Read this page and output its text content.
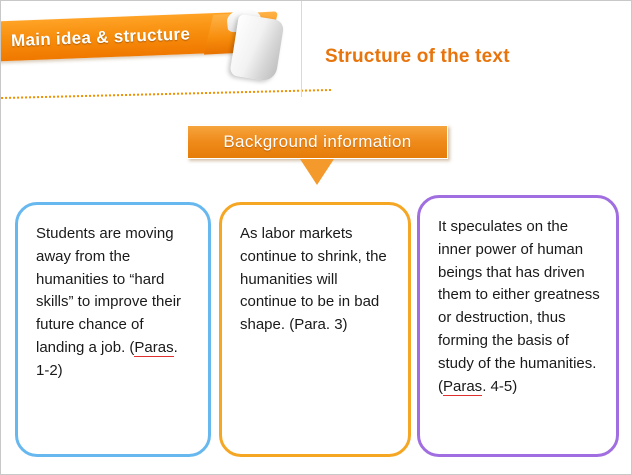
Main idea & structure
Structure of the text
Background information

Students are moving away from the humanities to “hard skills” to improve their future chance of landing a job. (Paras. 1-2)

As labor markets continue to shrink, the humanities will continue to be in bad shape. (Para. 3)

It speculates on the inner power of human beings that has driven them to either greatness or destruction, thus forming the basis of study of the humanities. (Paras. 4-5)
